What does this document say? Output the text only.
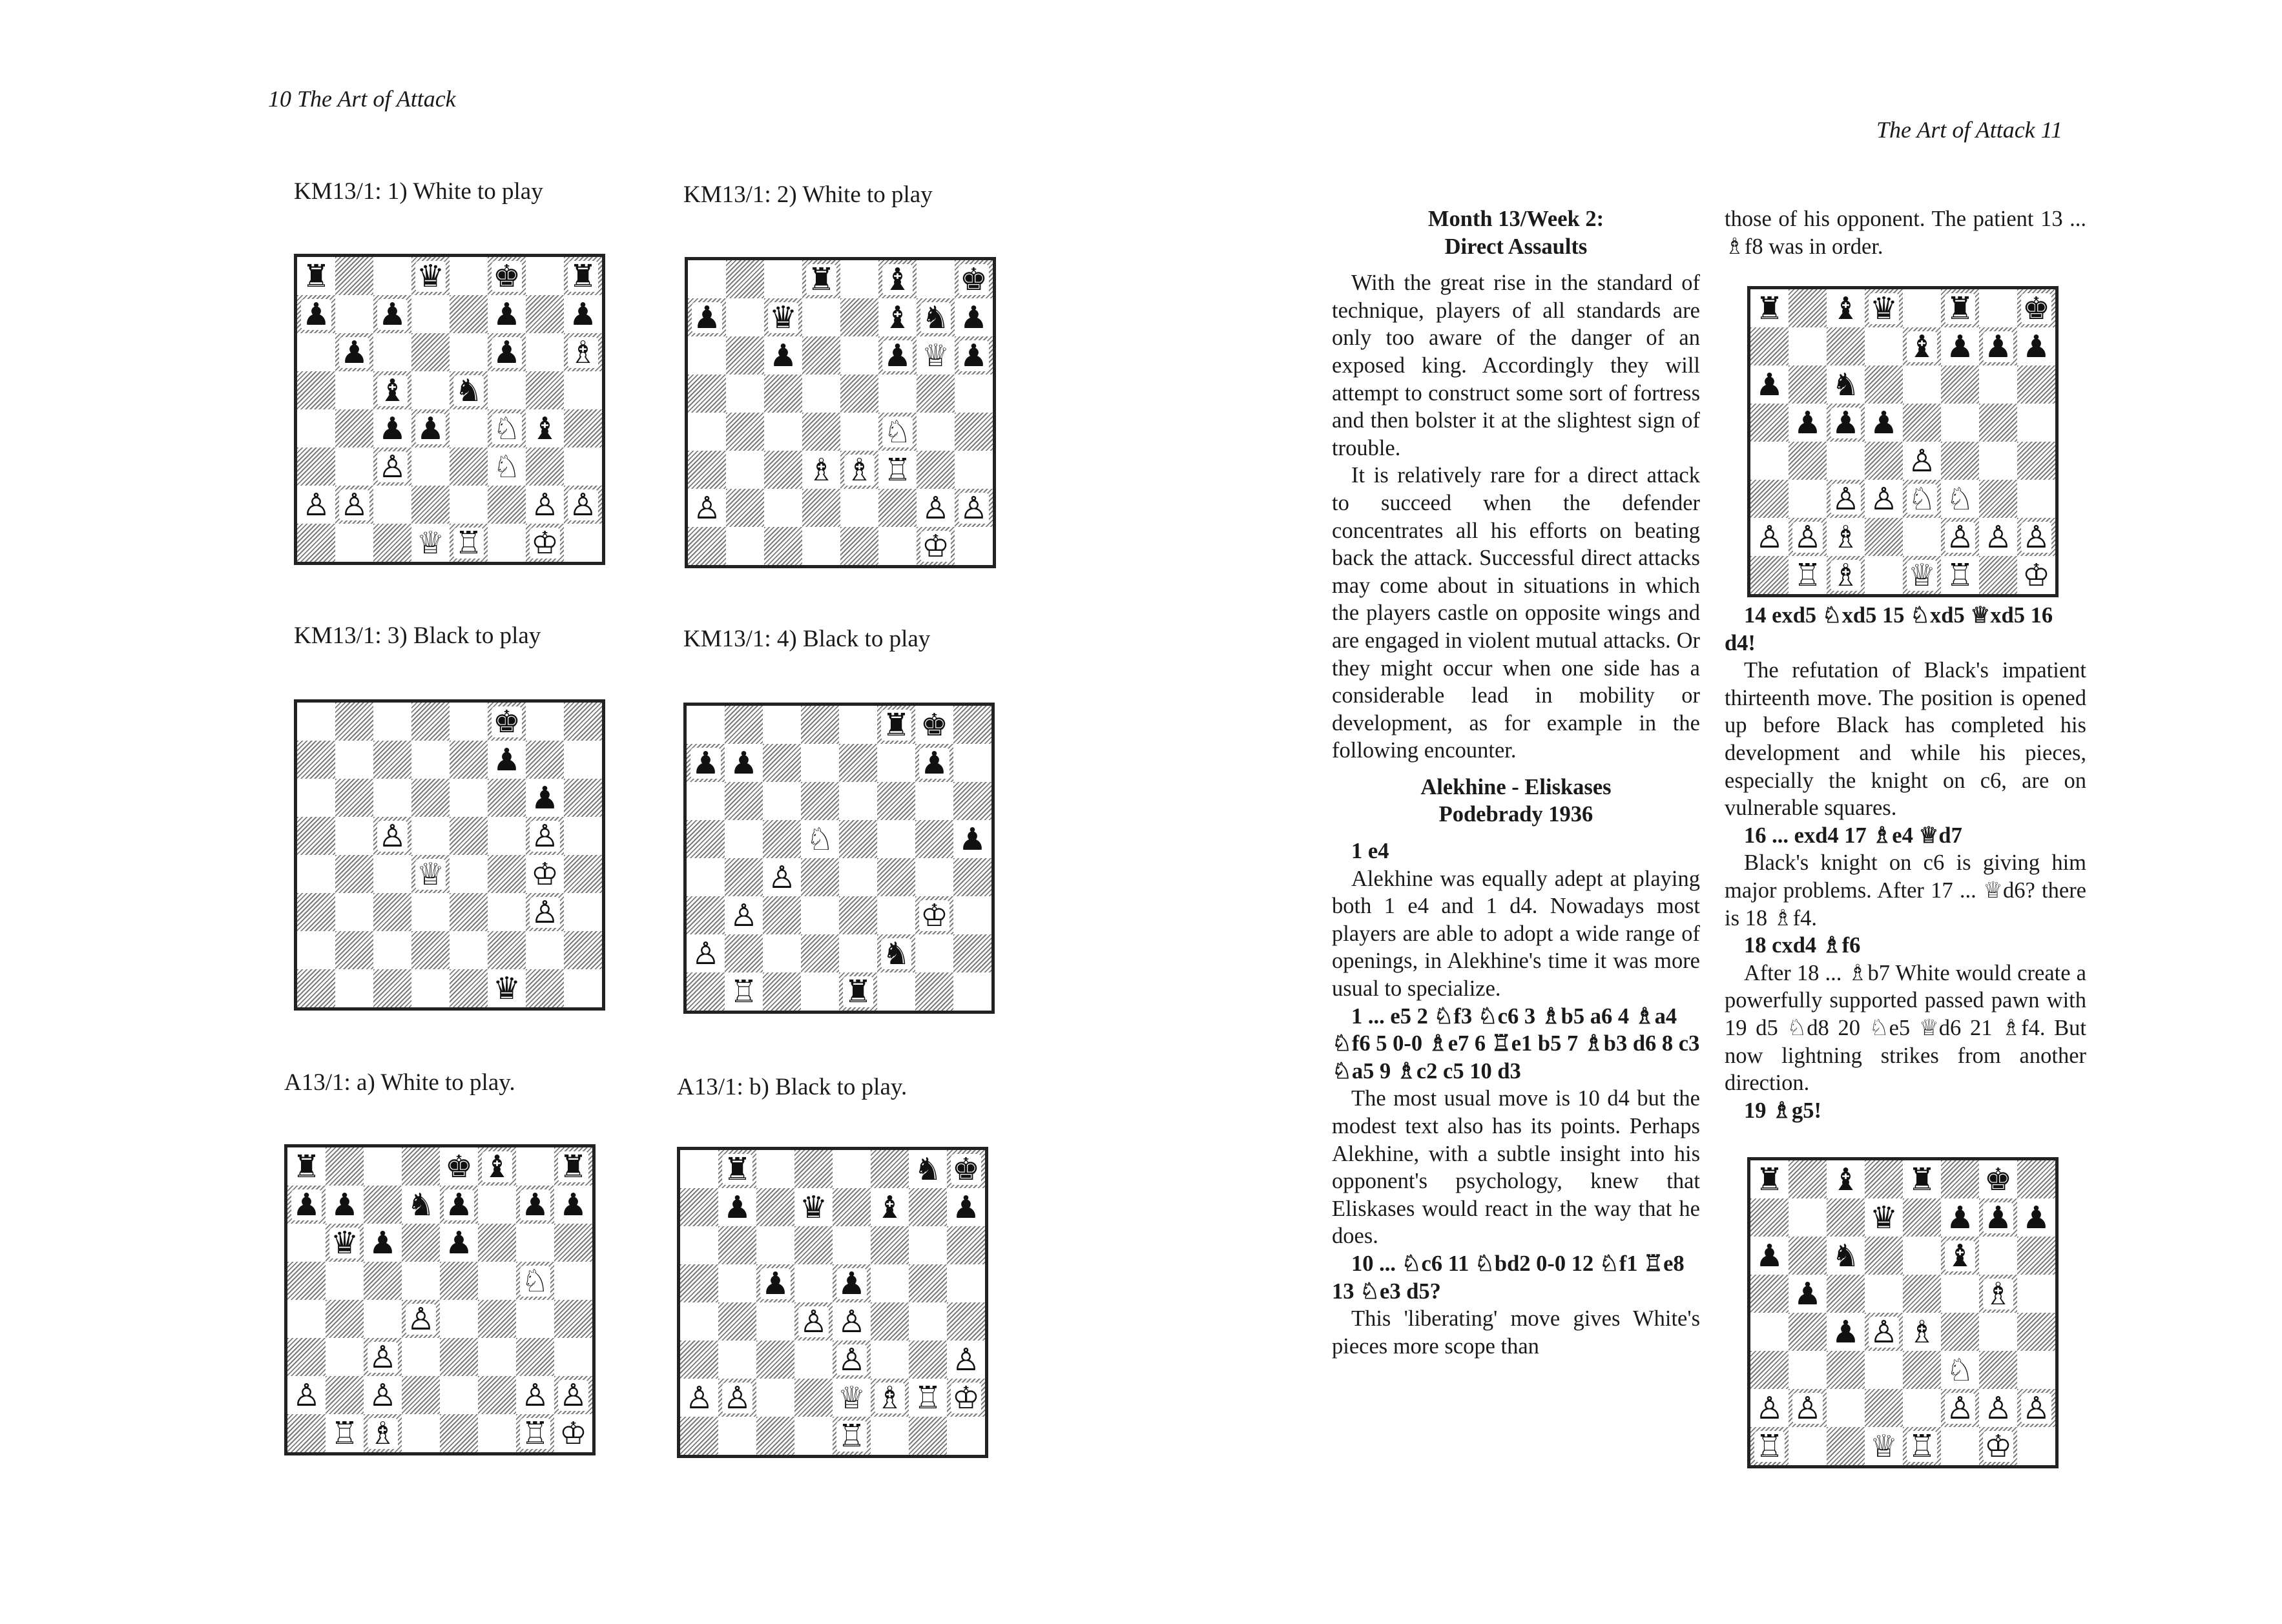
10 The Art of Attack
The Art of Attack 11
KM13/1: 1) White to play	KM13/1: 2) White to play
KM13/1: 3) Black to play	KM13/1: 4) Black to play
A13/1: a) White to play.	A13/1: b) Black to play.
♜	♛ ♚ ♜
♟ ♟	♟ ♟
♟	♟ ♗
♝ ♞
♟ ♟ ♘ ♝
♙	♘
♙ ♙	♙ ♙
♕ ♖ ♔
♜ ♝ ♚
♟ ♛	♝ ♞ ♟
♟	♟ ♕ ♟
♘
♗ ♗ ♖
♙	♙ ♙
♔
♚
♟
♟
♙	♙
♕	♔
♙
♛
♜ ♚
♟ ♟	♟
♘	♟
♙
♙	♔
♙	♞
♖	♜
♜	♚ ♝ ♜
♟ ♟ ♞ ♟ ♟ ♟
♛ ♟ ♟
♘
♙
♙
♙ ♙	♙ ♙
♖ ♗	♖ ♔
♜	♞ ♚
♟ ♛ ♝ ♟
♟ ♟
♙ ♙
♙	♙
♙ ♙	♕ ♗ ♖ ♔
♖

Month 13/Week 2:

Direct Assaults

With the great rise in the standard of technique, players of all standards are only too aware of the danger of an exposed king. Accordingly they will attempt to construct some sort of fortress and then bolster it at the slightest sign of trouble.

It is relatively rare for a direct attack to succeed when the defender concentrates all his efforts on beating back the attack. Successful direct attacks may come about in situations in which the players castle on opposite wings and are engaged in violent mutual attacks. Or they might occur when one side has a considerable lead in mobility or development, as for example in the following encounter.

Alekhine - Eliskases

Podebrady 1936

1 e4

Alekhine was equally adept at playing both 1 e4 and 1 d4. Nowadays most players are able to adopt a wide range of openings, in Alekhine's time it was more usual to specialize.

1 ... e5 2 ♘f3 ♘c6 3 ♗b5 a6 4 ♗a4 ♘f6 5 0-0 ♗e7 6 ♖e1 b5 7 ♗b3 d6 8 c3 ♘a5 9 ♗c2 c5 10 d3

The most usual move is 10 d4 but the modest text also has its points. Perhaps Alekhine, with a subtle insight into his opponent's psychology, knew that Eliskases would react in the way that he does.

10 ... ♘c6 11 ♘bd2 0-0 12 ♘f1 ♖e8 13 ♘e3 d5?

This 'liberating' move gives White's pieces more scope than

those of his opponent. The patient 13 ... ♗f8 was in order.

♜ ♝ ♛ ♜ ♚
♝ ♟ ♟ ♟
♟ ♞
♟ ♟ ♟
♙
♙ ♙ ♘ ♘
♙ ♙ ♗	♙ ♙ ♙
♖ ♗ ♕ ♖ ♔

14 exd5 ♘xd5 15 ♘xd5 ♕xd5 16 d4!

The refutation of Black's impatient thirteenth move. The position is opened up before Black has completed his development and while his pieces, especially the knight on c6, are on vulnerable squares.

16 ... exd4 17 ♗e4 ♕d7

Black's knight on c6 is giving him major problems. After 17 ... ♕d6? there is 18 ♗f4.

18 cxd4 ♗f6

After 18 ... ♗b7 White would create a powerfully supported passed pawn with 19 d5 ♘d8 20 ♘e5 ♕d6 21 ♗f4. But now lightning strikes from another direction.

19 ♗g5!

♜ ♝ ♜ ♚
♛ ♟ ♟ ♟
♟ ♞	♝
♟	♗
♟ ♙ ♗
♘
♙ ♙	♙ ♙ ♙
♖	♕ ♖ ♔
